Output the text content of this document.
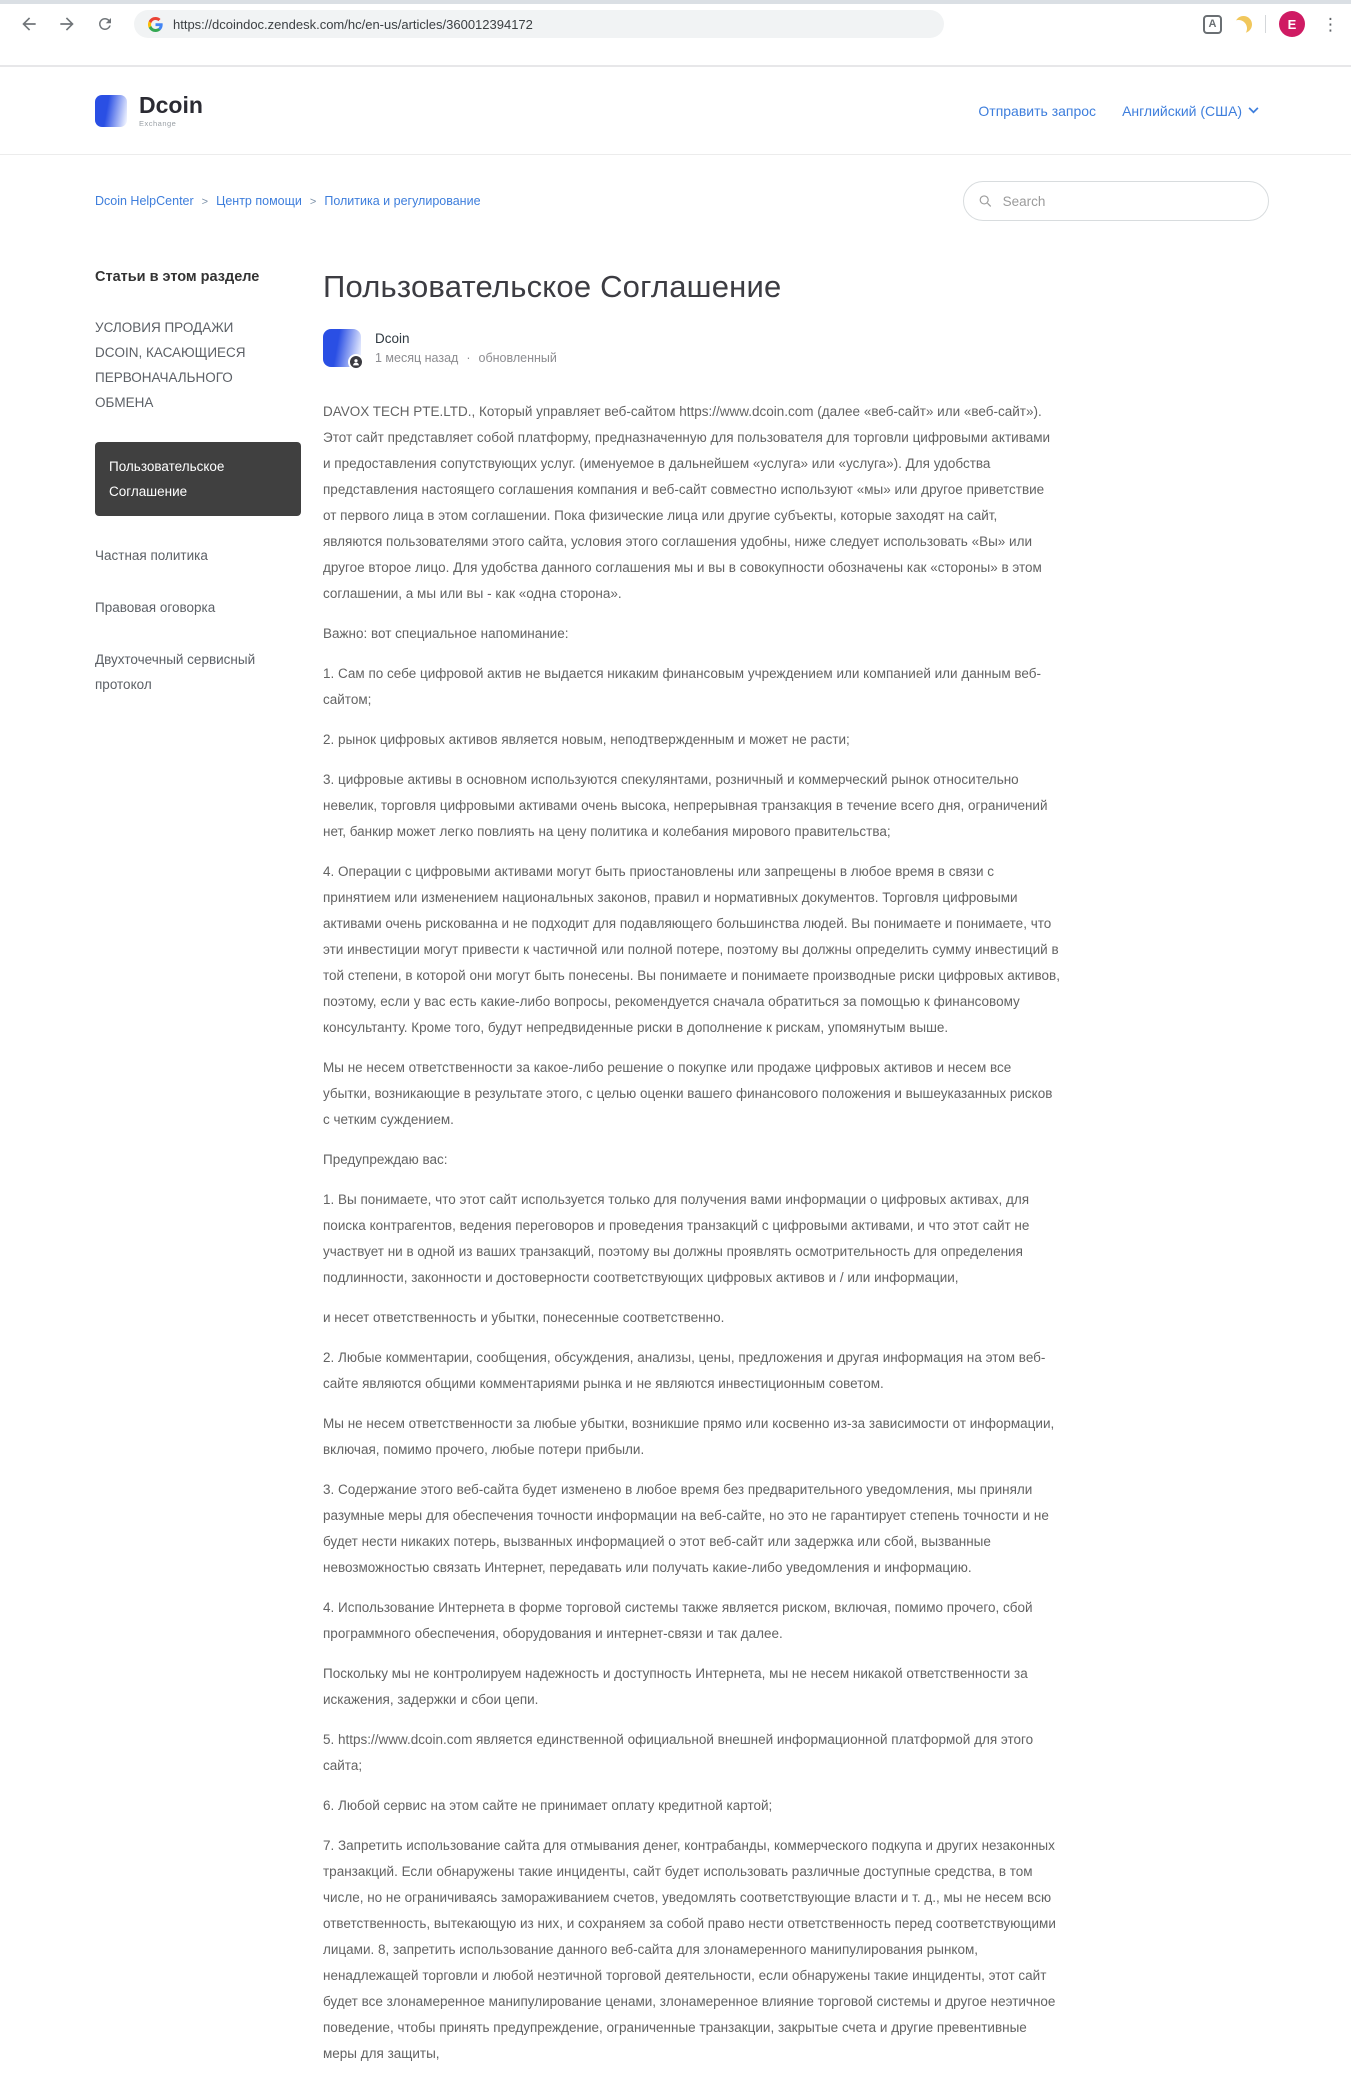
https://dcoindoc.zendesk.com/hc/en-us/articles/360012394172	A	E	⋮
Dcoin
Exchange
Отправить запрос Английский (США)
Dcoin HelpCenter > Центр помощи > Политика и регулирование
Search
Статьи в этом разделе
УСЛОВИЯ ПРОДАЖИ DCOIN, КАСАЮЩИЕСЯ ПЕРВОНАЧАЛЬНОГО ОБМЕНА
Пользовательское Соглашение
Частная политика
Правовая оговорка
Двухточечный сервисный протокол
Пользовательское Соглашение
Dcoin
1 месяц назад · обновленный

DAVOX TECH PTE.LTD., Который управляет веб-сайтом https://www.dcoin.com (далее «веб-сайт» или «веб-сайт»). Этот сайт представляет собой платформу, предназначенную для пользователя для торговли цифровыми активами и предоставления сопутствующих услуг. (именуемое в дальнейшем «услуга» или «услуга»). Для удобства представления настоящего соглашения компания и веб-сайт совместно используют «мы» или другое приветствие от первого лица в этом соглашении. Пока физические лица или другие субъекты, которые заходят на сайт, являются пользователями этого сайта, условия этого соглашения удобны, ниже следует использовать «Вы» или другое второе лицо. Для удобства данного соглашения мы и вы в совокупности обозначены как «стороны» в этом соглашении, а мы или вы - как «одна сторона».

Важно: вот специальное напоминание:

1. Сам по себе цифровой актив не выдается никаким финансовым учреждением или компанией или данным веб-сайтом;

2. рынок цифровых активов является новым, неподтвержденным и может не расти;

3. цифровые активы в основном используются спекулянтами, розничный и коммерческий рынок относительно невелик, торговля цифровыми активами очень высока, непрерывная транзакция в течение всего дня, ограничений нет, банкир может легко повлиять на цену политика и колебания мирового правительства;

4. Операции с цифровыми активами могут быть приостановлены или запрещены в любое время в связи с принятием или изменением национальных законов, правил и нормативных документов. Торговля цифровыми активами очень рискованна и не подходит для подавляющего большинства людей. Вы понимаете и понимаете, что эти инвестиции могут привести к частичной или полной потере, поэтому вы должны определить сумму инвестиций в той степени, в которой они могут быть понесены. Вы понимаете и понимаете производные риски цифровых активов, поэтому, если у вас есть какие-либо вопросы, рекомендуется сначала обратиться за помощью к финансовому консультанту. Кроме того, будут непредвиденные риски в дополнение к рискам, упомянутым выше.

Мы не несем ответственности за какое-либо решение о покупке или продаже цифровых активов и несем все убытки, возникающие в результате этого, с целью оценки вашего финансового положения и вышеуказанных рисков с четким суждением.

Предупреждаю вас:

1. Вы понимаете, что этот сайт используется только для получения вами информации о цифровых активах, для поиска контрагентов, ведения переговоров и проведения транзакций с цифровыми активами, и что этот сайт не участвует ни в одной из ваших транзакций, поэтому вы должны проявлять осмотрительность для определения подлинности, законности и достоверности соответствующих цифровых активов и / или информации,

и несет ответственность и убытки, понесенные соответственно.

2. Любые комментарии, сообщения, обсуждения, анализы, цены, предложения и другая информация на этом веб-сайте являются общими комментариями рынка и не являются инвестиционным советом.

Мы не несем ответственности за любые убытки, возникшие прямо или косвенно из-за зависимости от информации, включая, помимо прочего, любые потери прибыли.

3. Содержание этого веб-сайта будет изменено в любое время без предварительного уведомления, мы приняли разумные меры для обеспечения точности информации на веб-сайте, но это не гарантирует степень точности и не будет нести никаких потерь, вызванных информацией о этот веб-сайт или задержка или сбой, вызванные невозможностью связать Интернет, передавать или получать какие-либо уведомления и информацию.

4. Использование Интернета в форме торговой системы также является риском, включая, помимо прочего, сбой программного обеспечения, оборудования и интернет-связи и так далее.

Поскольку мы не контролируем надежность и доступность Интернета, мы не несем никакой ответственности за искажения, задержки и сбои цепи.

5. https://www.dcoin.com является единственной официальной внешней информационной платформой для этого сайта;

6. Любой сервис на этом сайте не принимает оплату кредитной картой;

7. Запретить использование сайта для отмывания денег, контрабанды, коммерческого подкупа и других незаконных транзакций. Если обнаружены такие инциденты, сайт будет использовать различные доступные средства, в том числе, но не ограничиваясь замораживанием счетов, уведомлять соответствующие власти и т. д., мы не несем всю ответственность, вытекающую из них, и сохраняем за собой право нести ответственность перед соответствующими лицами. 8, запретить использование данного веб-сайта для злонамеренного манипулирования рынком, ненадлежащей торговли и любой неэтичной торговой деятельности, если обнаружены такие инциденты, этот сайт будет все злонамеренное манипулирование ценами, злонамеренное влияние торговой системы и другое неэтичное поведение, чтобы принять предупреждение, ограниченные транзакции, закрытые счета и другие превентивные меры для защиты,
